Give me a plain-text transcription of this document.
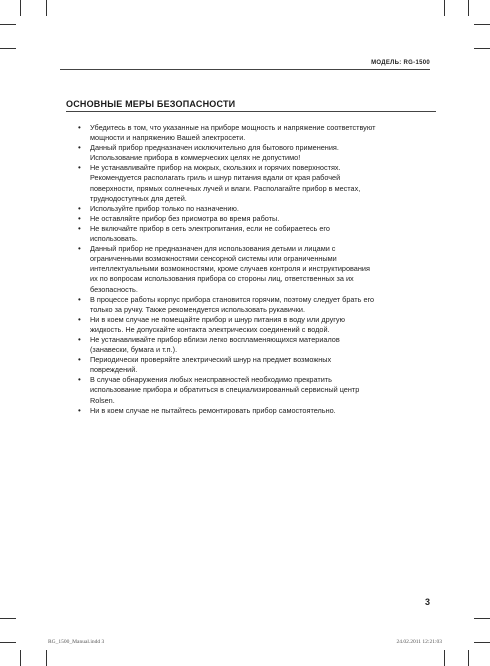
МОДЕЛЬ: RG-1500
ОСНОВНЫЕ МЕРЫ БЕЗОПАСНОСТИ
• Убедитесь в том, что указанные на приборе мощность и напряжение соответствуют
мощности и напряжению Вашей электросети.
• Данный прибор предназначен исключительно для бытового применения.
Использование прибора в коммерческих целях не допустимо!
• Не устанавливайте прибор на мокрых, скользких и горячих поверхностях.
Рекомендуется располагать гриль и шнур питания вдали от края рабочей
поверхности, прямых солнечных лучей и влаги. Располагайте прибор в местах,
труднодоступных для детей.
• Используйте прибор только по назначению.
• Не оставляйте прибор без присмотра во время работы.
• Не включайте прибор в сеть электропитания, если не собираетесь его
использовать.
• Данный прибор не предназначен для использования детьми и лицами с
ограниченными возможностями сенсорной системы или ограниченными
интеллектуальными возможностями, кроме случаев контроля и инструктирования
их по вопросам использования прибора со стороны лиц, ответственных за их
безопасность.
• В процессе работы корпус прибора становится горячим, поэтому следует брать его
только за ручку. Также рекомендуется использовать рукавички.
• Ни в коем случае не помещайте прибор и шнур питания в воду или другую
жидкость. Не допускайте контакта электрических соединений с водой.
• Не устанавливайте прибор вблизи легко воспламеняющихся материалов
(занавески, бумага и т.п.).
• Периодически проверяйте электрический шнур на предмет возможных
повреждений.
• В случае обнаружения любых неисправностей необходимо прекратить
использование прибора и обратиться в специализированный сервисный центр
Rolsen.
• Ни в коем случае не пытайтесь ремонтировать прибор самостоятельно.
3
RG_1500_Manual.indd 3	24.02.2011 12:21:03
